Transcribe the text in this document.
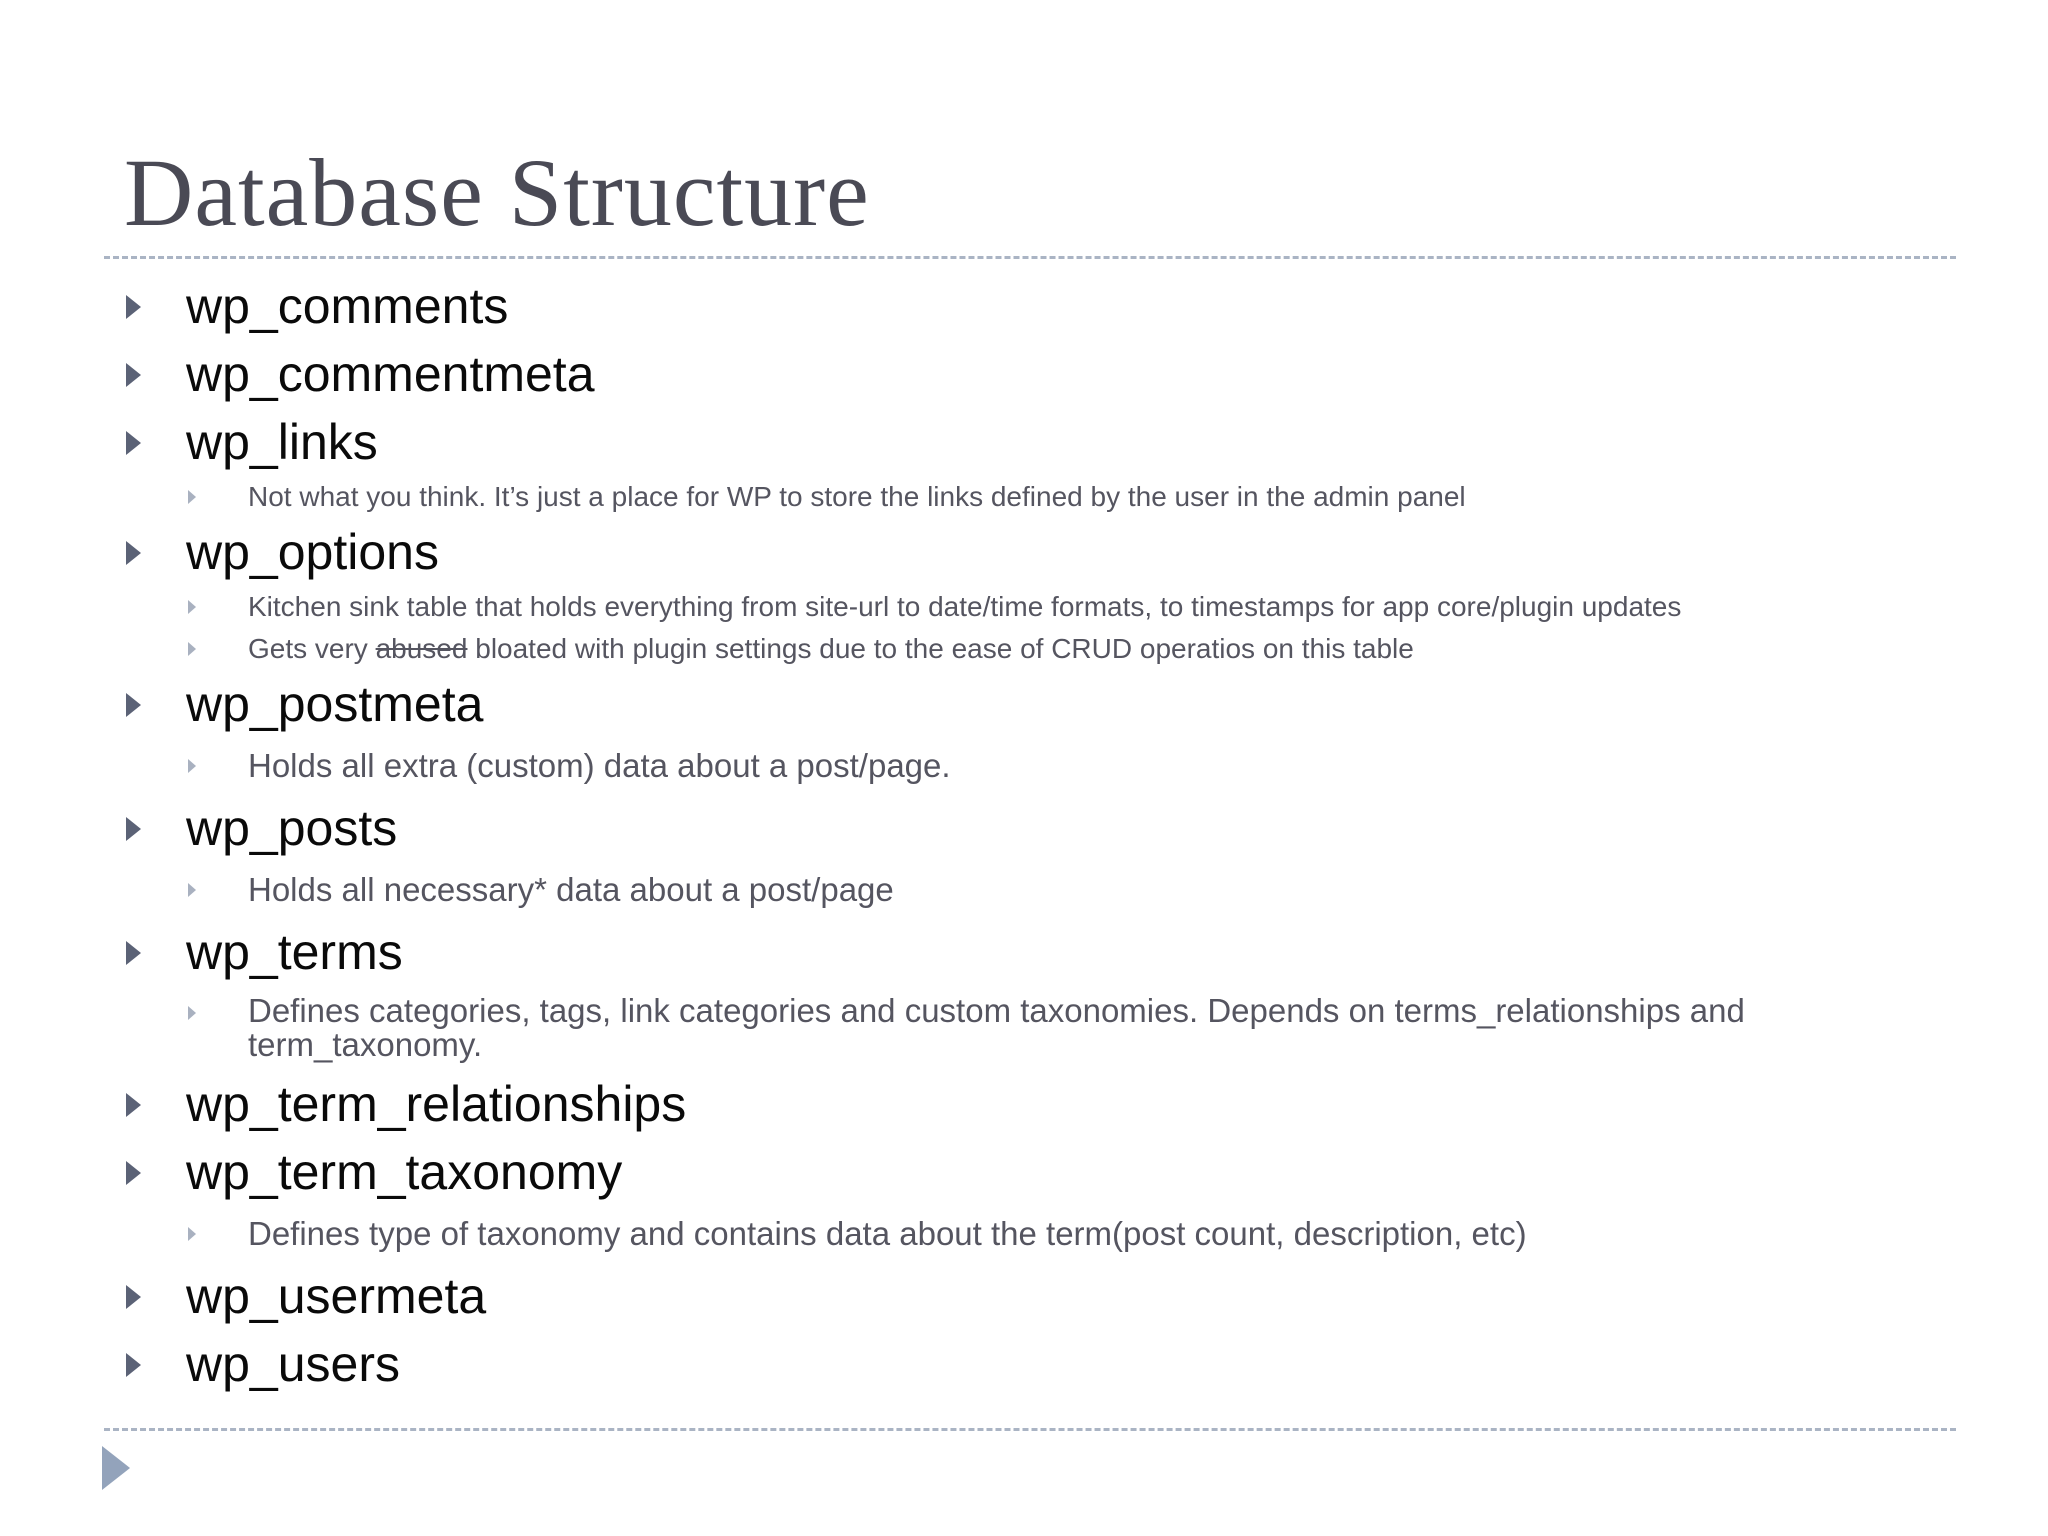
Database Structure
wp_comments
wp_commentmeta
wp_links
Not what you think. It’s just a place for WP to store the links defined by the user in the admin panel
wp_options
Kitchen sink table that holds everything from site-url to date/time formats, to timestamps for app core/plugin updates
Gets very abused bloated with plugin settings due to the ease of CRUD operatios on this table
wp_postmeta
Holds all extra (custom) data about a post/page.
wp_posts
Holds all necessary* data about a post/page
wp_terms
Defines categories, tags, link categories and custom taxonomies. Depends on terms_relationships and term_taxonomy.
wp_term_relationships
wp_term_taxonomy
Defines type of taxonomy and contains data about the term(post count, description, etc)
wp_usermeta
wp_users
